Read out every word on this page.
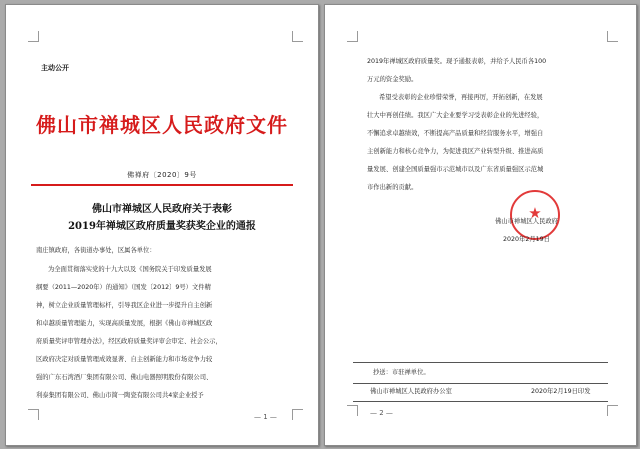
主动公开
佛山市禅城区人民政府文件
佛禅府〔2020〕9号
佛山市禅城区人民政府关于表彰
2019年禅城区政府质量奖获奖企业的通报
南庄镇政府，各街道办事处，区属各单位：
为全面贯彻落实党的十九大以及《国务院关于印发质量发展
纲要（2011—2020年）的通知》（国发〔2012〕9号）文件精
神，树立企业质量管理标杆，引导我区企业进一步提升自主创新
和卓越质量管理能力，实现高质量发展，根据《佛山市禅城区政
府质量奖评审管理办法》，经区政府质量奖评审会审定、社会公示，
区政府决定对质量管理成效显著、自主创新能力和市场竞争力较
强的广东石湾酒厂集团有限公司、佛山电器照明股份有限公司、
利泰集团有限公司、佛山市简一陶瓷有限公司共4家企业授予
— 1 —
2019年禅城区政府质量奖。现予通报表彰，并给予人民币各100
万元的资金奖励。
希望受表彰的企业珍惜荣誉，再接再厉，开拓创新，在发展
壮大中再创佳绩。我区广大企业要学习受表彰企业的先进经验，
不懈追求卓越绩效，不断提高产品质量和经营服务水平，增强自
主创新能力和核心竞争力，为促进我区产业转型升级、推进高质
量发展、创建全国质量强市示范城市以及广东省质量强区示范城
市作出新的贡献。
★
佛山市禅城区人民政府
2020年2月19日
抄送：市驻禅单位。
佛山市禅城区人民政府办公室	2020年2月19日印发
— 2 —
